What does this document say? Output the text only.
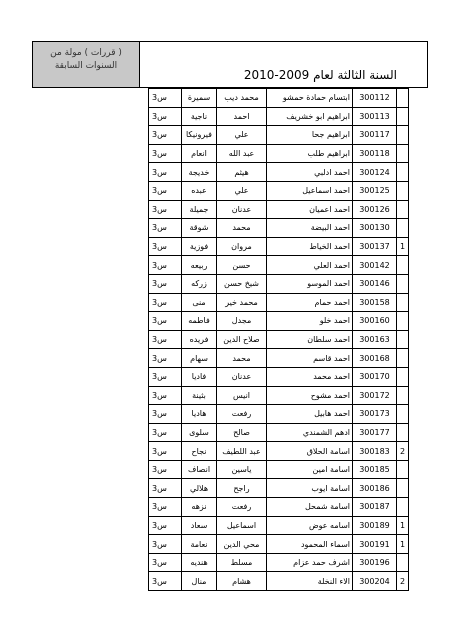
( قررات ) مولة من السنوات السابقة
السنة الثالثة لعام 2009-2010
س3	سميرة	محمد ديب	ابتسام حمادة حمشو	300112	
س3	ناجية	احمد	ابراهيم ابو خشريف	300113	
س3	فيرونيكا	علي	ابراهيم جحا	300117	
س3	انعام	عبد الله	ابراهيم طلب	300118	
س3	خديجة	هيثم	احمد ادلبي	300124	
س3	عبده	علي	احمد اسماعيل	300125	
س3	جميلة	عدنان	احمد اعميان	300126	
س3	شوقة	محمد	احمد البيضة	300130	
س3	فوزية	مروان	احمد الخياط	300137	1
س3	ربيعه	حسن	احمد العلي	300142	
س3	زركه	شيخ حسن	احمد الموسو	300146	
س3	منى	محمد خير	احمد حمام	300158	
س3	فاطمه	مجدل	احمد خلو	300160	
س3	فريده	صلاح الدين	احمد سلطان	300163	
س3	سهام	محمد	احمد قاسم	300168	
س3	فاديا	عدنان	احمد محمد	300170	
س3	بثينة	انيس	احمد مشوح	300172	
س3	هاديا	رفعت	احمد هابيل	300173	
س3	سلوى	صالح	ادهم الشمندي	300177	
س3	نجاح	عبد اللطيف	اسامة الحلاق	300183	2
س3	انصاف	ياسين	اسامة امين	300185	
س3	هلالي	راجح	اسامة ايوب	300186	
س3	نزهه	رفعت	اسامة شمحل	300187	
س3	سعاد	اسماعيل	اسامه عوض	300189	1
س3	نعامة	محي الدين	اسماء المحمود	300191	1
س3	هنديه	مسلط	اشرف حمد عزام	300196	
س3	منال	هشام	الاء النخلة	300204	2
